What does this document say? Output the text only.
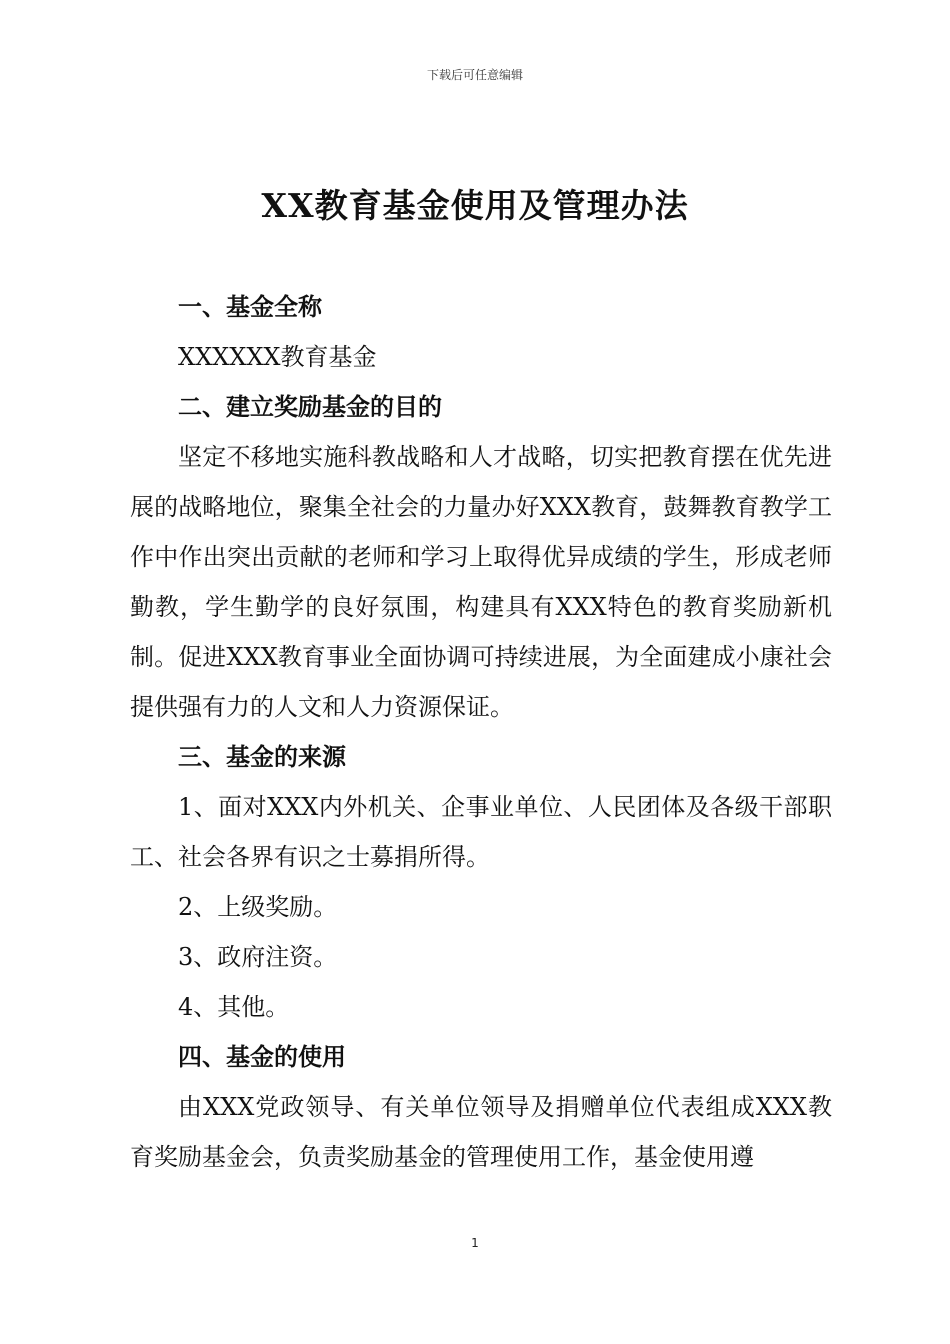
下载后可任意编辑
XX教育基金使用及管理办法
一、基金全称

XXXXXX教育基金

二、建立奖励基金的目的

坚定不移地实施科教战略和人才战略，切实把教育摆在优先进展的战略地位，聚集全社会的力量办好XXX教育，鼓舞教育教学工作中作出突出贡献的老师和学习上取得优异成绩的学生，形成老师勤教，学生勤学的良好氛围，构建具有XXX特色的教育奖励新机制。促进XXX教育事业全面协调可持续进展，为全面建成小康社会提供强有力的人文和人力资源保证。

三、基金的来源

1、面对XXX内外机关、企事业单位、人民团体及各级干部职工、社会各界有识之士募捐所得。

2、上级奖励。

3、政府注资。

4、其他。

四、基金的使用

由XXX党政领导、有关单位领导及捐赠单位代表组成XXX教育奖励基金会，负责奖励基金的管理使用工作，基金使用遵

1
